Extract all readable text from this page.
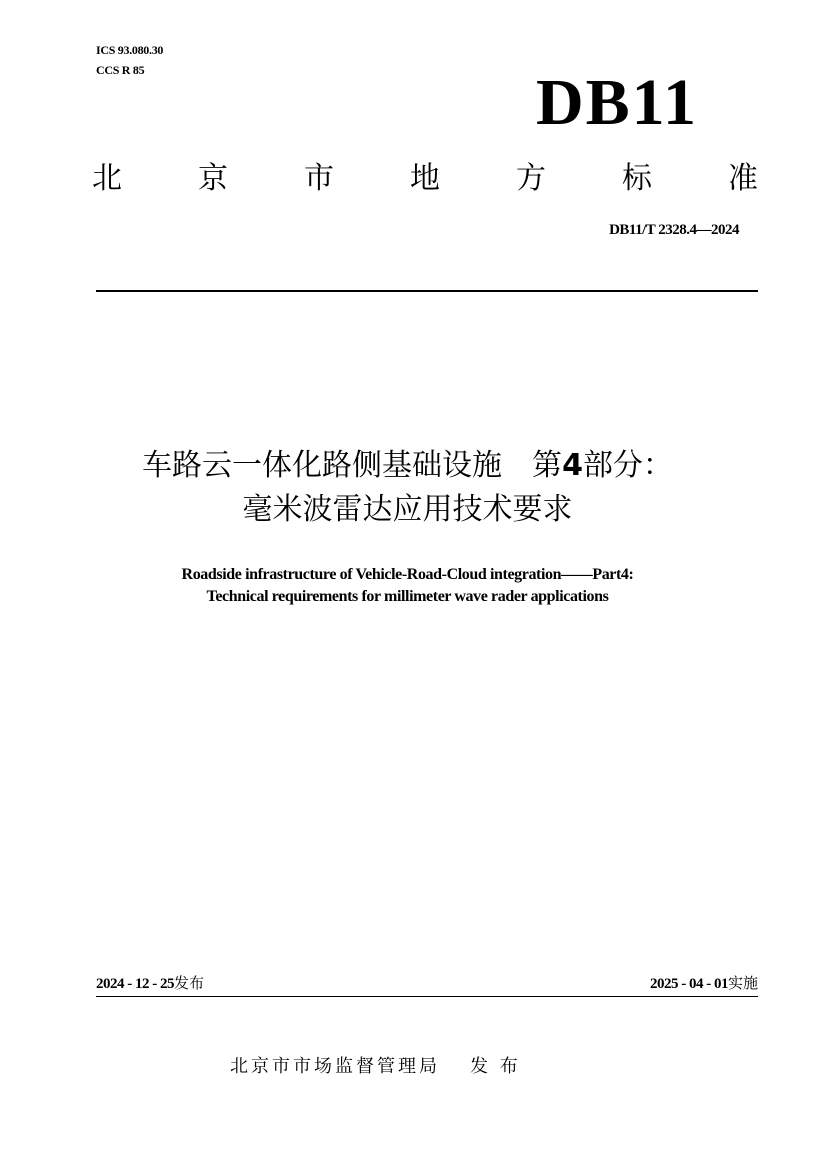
ICS 93.080.30
CCS R 85	DB11
北	京	市	地	方	标	准
DB11/T 2328.4—2024
车路云一体化路侧基础设施　第4部分：
毫米波雷达应用技术要求
Roadside infrastructure of Vehicle-Road-Cloud integration——Part4:
Technical requirements for millimeter wave rader applications
2024 - 12 - 25发布	2025 - 04 - 01实施
北京市市场监督管理局 发 布
